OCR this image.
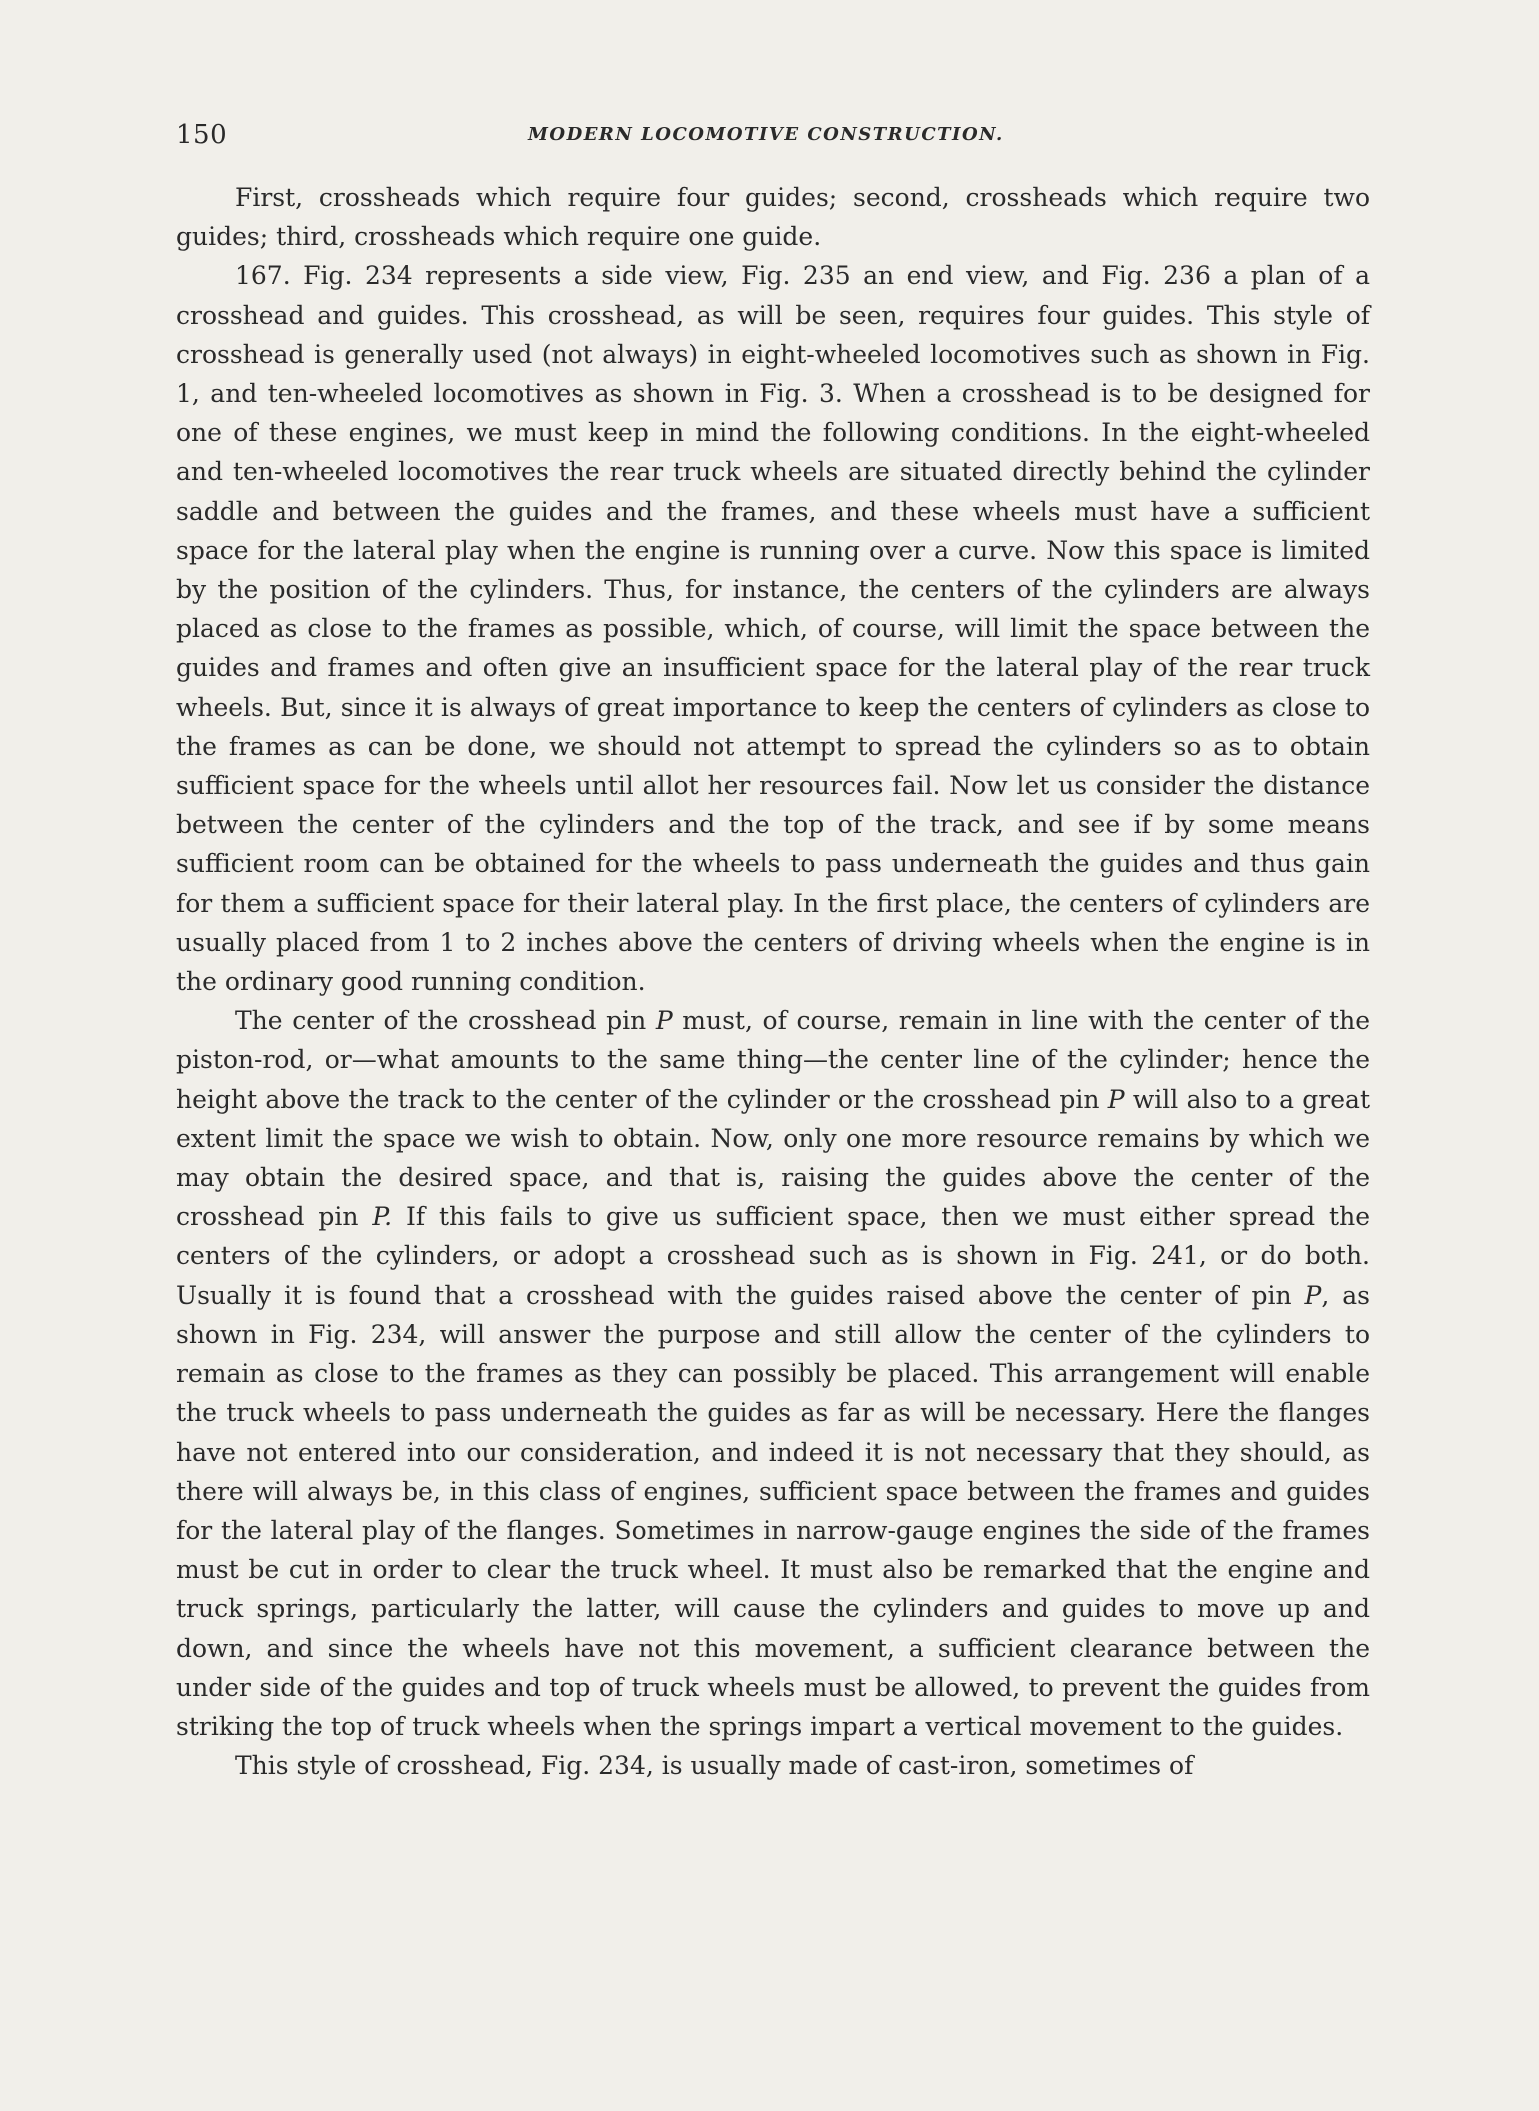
150	MODERN LOCOMOTIVE CONSTRUCTION.

First, crossheads which require four guides; second, crossheads which require two guides; third, crossheads which require one guide.

167. Fig. 234 represents a side view, Fig. 235 an end view, and Fig. 236 a plan of a crosshead and guides. This crosshead, as will be seen, requires four guides. This style of crosshead is generally used (not always) in eight-wheeled locomotives such as shown in Fig. 1, and ten-wheeled locomotives as shown in Fig. 3. When a crosshead is to be designed for one of these engines, we must keep in mind the following conditions. In the eight-wheeled and ten-wheeled locomotives the rear truck wheels are situated directly behind the cylinder saddle and between the guides and the frames, and these wheels must have a sufficient space for the lateral play when the engine is running over a curve. Now this space is limited by the position of the cylinders. Thus, for instance, the centers of the cylinders are always placed as close to the frames as possible, which, of course, will limit the space between the guides and frames and often give an insufficient space for the lateral play of the rear truck wheels. But, since it is always of great importance to keep the centers of cylinders as close to the frames as can be done, we should not attempt to spread the cylinders so as to obtain sufficient space for the wheels until allot her resources fail. Now let us consider the distance between the center of the cylinders and the top of the track, and see if by some means sufficient room can be obtained for the wheels to pass underneath the guides and thus gain for them a sufficient space for their lateral play. In the first place, the centers of cylinders are usually placed from 1 to 2 inches above the centers of driving wheels when the engine is in the ordinary good running condition.

The center of the crosshead pin P must, of course, remain in line with the center of the piston-rod, or—what amounts to the same thing—the center line of the cylinder; hence the height above the track to the center of the cylinder or the crosshead pin P will also to a great extent limit the space we wish to obtain. Now, only one more resource remains by which we may obtain the desired space, and that is, raising the guides above the center of the crosshead pin P. If this fails to give us sufficient space, then we must either spread the centers of the cylinders, or adopt a crosshead such as is shown in Fig. 241, or do both. Usually it is found that a crosshead with the guides raised above the center of pin P, as shown in Fig. 234, will answer the purpose and still allow the center of the cylinders to remain as close to the frames as they can possibly be placed. This arrangement will enable the truck wheels to pass underneath the guides as far as will be necessary. Here the flanges have not entered into our consideration, and indeed it is not necessary that they should, as there will always be, in this class of engines, sufficient space between the frames and guides for the lateral play of the flanges. Sometimes in narrow-gauge engines the side of the frames must be cut in order to clear the truck wheel. It must also be remarked that the engine and truck springs, particularly the latter, will cause the cylinders and guides to move up and down, and since the wheels have not this movement, a sufficient clearance between the under side of the guides and top of truck wheels must be allowed, to prevent the guides from striking the top of truck wheels when the springs impart a vertical movement to the guides.

This style of crosshead, Fig. 234, is usually made of cast-iron, sometimes of
